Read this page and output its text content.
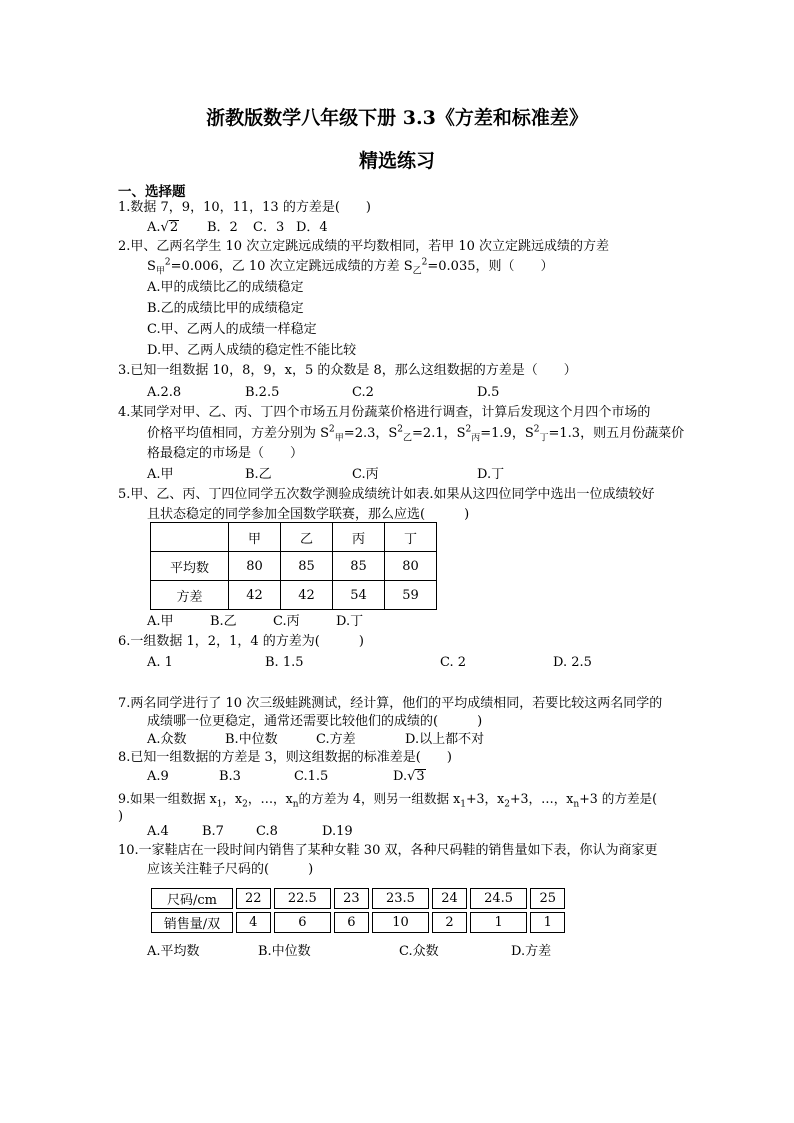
浙教版数学八年级下册 3.3《方差和标准差》
精选练习
一、选择题
1.数据 7，9，10，11，13 的方差是(　　)
A.√2 B．2 C．3 D．4
2.甲、乙两名学生 10 次立定跳远成绩的平均数相同，若甲 10 次立定跳远成绩的方差
$S_甲^2=0.006$，乙 10 次立定跳远成绩的方差 $S_乙^2=0.035$，则（　　）
A.甲的成绩比乙的成绩稳定
B.乙的成绩比甲的成绩稳定
C.甲、乙两人的成绩一样稳定
D.甲、乙两人成绩的稳定性不能比较
3.已知一组数据 10，8，9，x，5 的众数是 8，那么这组数据的方差是（　　）
A.2.8	B.2.5	C.2	D.5
4.某同学对甲、乙、丙、丁四个市场五月份蔬菜价格进行调查，计算后发现这个月四个市场的
价格平均值相同，方差分别为 $S^2_甲=2.3$，$S^2_乙=2.1$，$S^2_丙=1.9$，$S^2_丁=1.3$，则五月份蔬菜价
格最稳定的市场是（　　）
A.甲	B.乙	C.丙	D.丁
5.甲、乙、丙、丁四位同学五次数学测验成绩统计如表.如果从这四位同学中选出一位成绩较好
且状态稳定的同学参加全国数学联赛，那么应选(　　　)
	甲	乙	丙	丁
平均数	80	85	85	80
方差	42	42	54	59
A.甲	B.乙	C.丙	D.丁
6.一组数据 1，2，1，4 的方差为(　　　)
A. 1	B. 1.5	C. 2	D. 2.5
7.两名同学进行了 10 次三级蛙跳测试，经计算，他们的平均成绩相同，若要比较这两名同学的
成绩哪一位更稳定，通常还需要比较他们的成绩的(　　　)
A.众数	B.中位数	C.方差	D.以上都不对
8.已知一组数据的方差是 3，则这组数据的标准差是(　　)
A.9	B.3	C.1.5	D.√3
9.如果一组数据 $x_1$，$x_2$，…，$x_n$的方差为 4，则另一组数据 $x_1+3$，$x_2+3$，…，$x_n+3$ 的方差是(
)
A.4	B.7 C.8	D.19
10.一家鞋店在一段时间内销售了某种女鞋 30 双，各种尺码鞋的销售量如下表，你认为商家更
应该关注鞋子尺码的(　　　)
尺码/cm	22	22.5	23	23.5	24	24.5	25
销售量/双	4	6	6	10	2	1	1
A.平均数	B.中位数	C.众数	D.方差
